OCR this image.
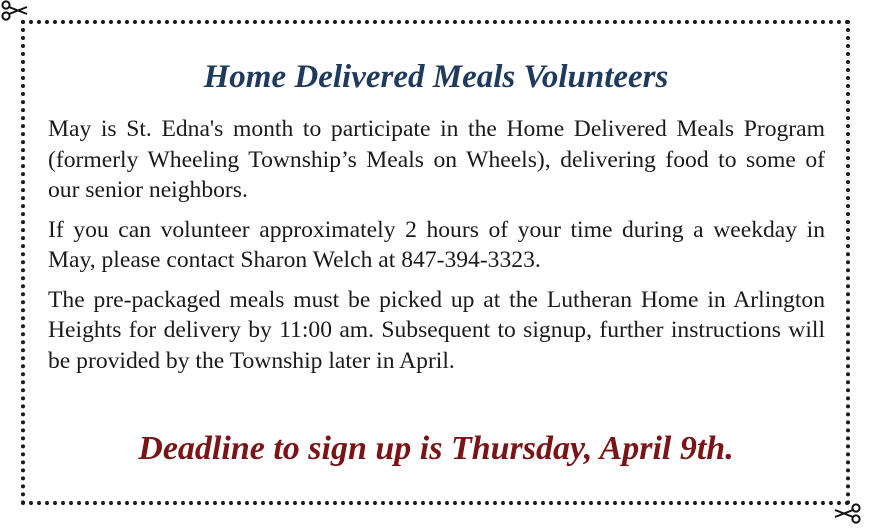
Home Delivered Meals Volunteers

May is St. Edna's month to participate in the Home Delivered Meals Program (formerly Wheeling Township’s Meals on Wheels), delivering food to some of our senior neighbors.

If you can volunteer approximately 2 hours of your time during a weekday in May, please contact Sharon Welch at 847-394-3323.

The pre-packaged meals must be picked up at the Lutheran Home in Arlington Heights for delivery by 11:00 am. Subsequent to signup, further instructions will be provided by the Township later in April.

Deadline to sign up is Thursday, April 9th.
